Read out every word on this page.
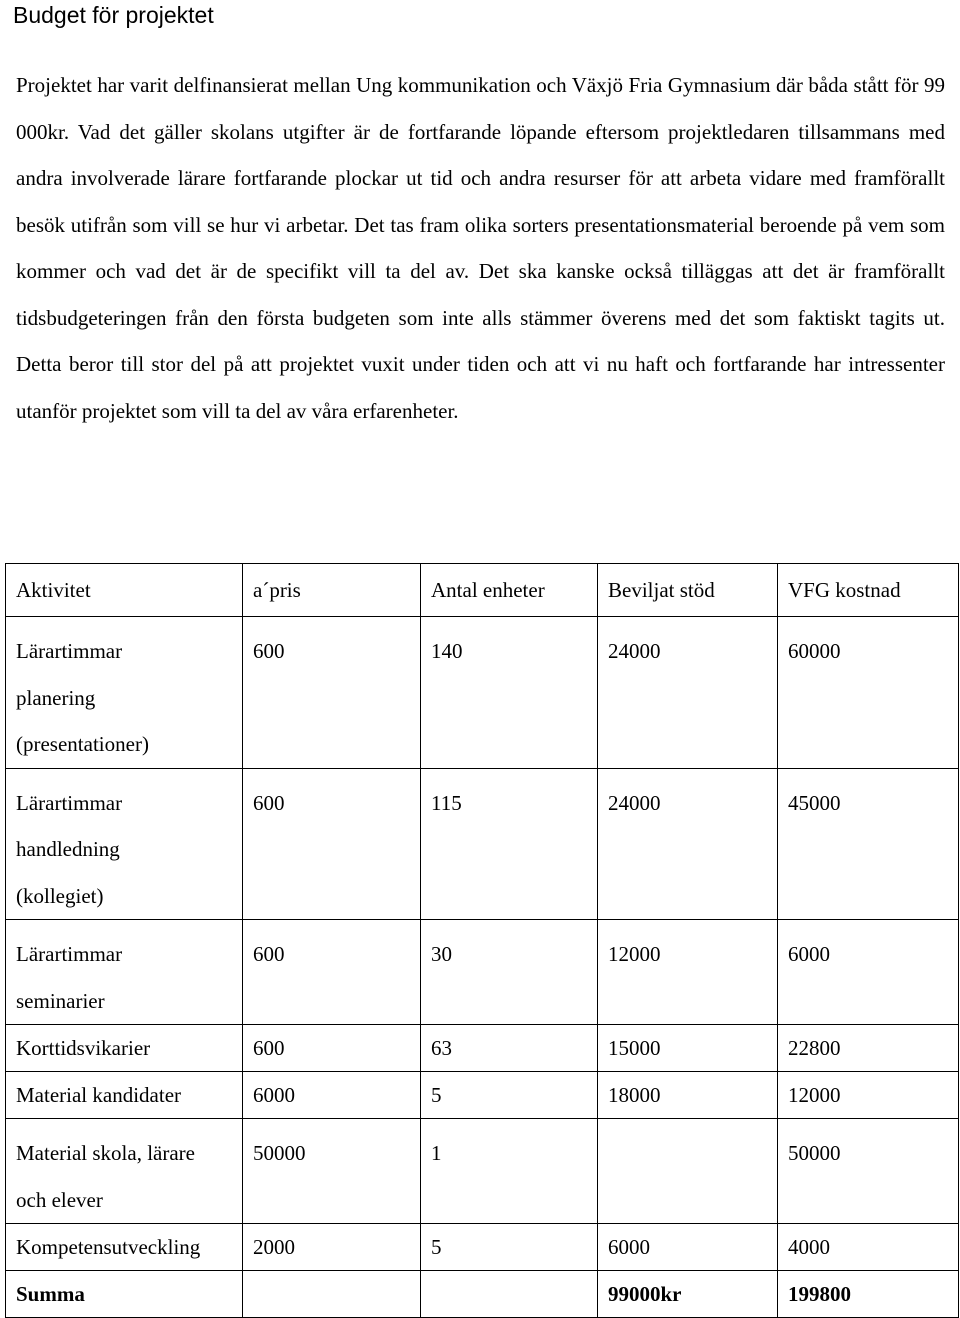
Budget för projektet

Projektet har varit delfinansierat mellan Ung kommunikation och Växjö Fria Gymnasium där båda stått för 99 000kr. Vad det gäller skolans utgifter är de fortfarande löpande eftersom projektledaren tillsammans med andra involverade lärare fortfarande plockar ut tid och andra resurser för att arbeta vidare med framförallt besök utifrån som vill se hur vi arbetar. Det tas fram olika sorters presentationsmaterial beroende på vem som kommer och vad det är de specifikt vill ta del av. Det ska kanske också tilläggas att det är framförallt tidsbudgeteringen från den första budgeten som inte alls stämmer överens med det som faktiskt tagits ut. Detta beror till stor del på att projektet vuxit under tiden och att vi nu haft och fortfarande har intressenter utanför projektet som vill ta del av våra erfarenheter.

Aktivitet	a´pris	Antal enheter	Beviljat stöd	VFG kostnad
Lärartimmar
planering
(presentationer)	600	140	24000	60000
Lärartimmar
handledning
(kollegiet)	600	115	24000	45000
Lärartimmar
seminarier	600	30	12000	6000
Korttidsvikarier	600	63	15000	22800
Material kandidater	6000	5	18000	12000
Material skola, lärare
och elever	50000	1		50000
Kompetensutveckling	2000	5	6000	4000
Summa			99000kr	199800
